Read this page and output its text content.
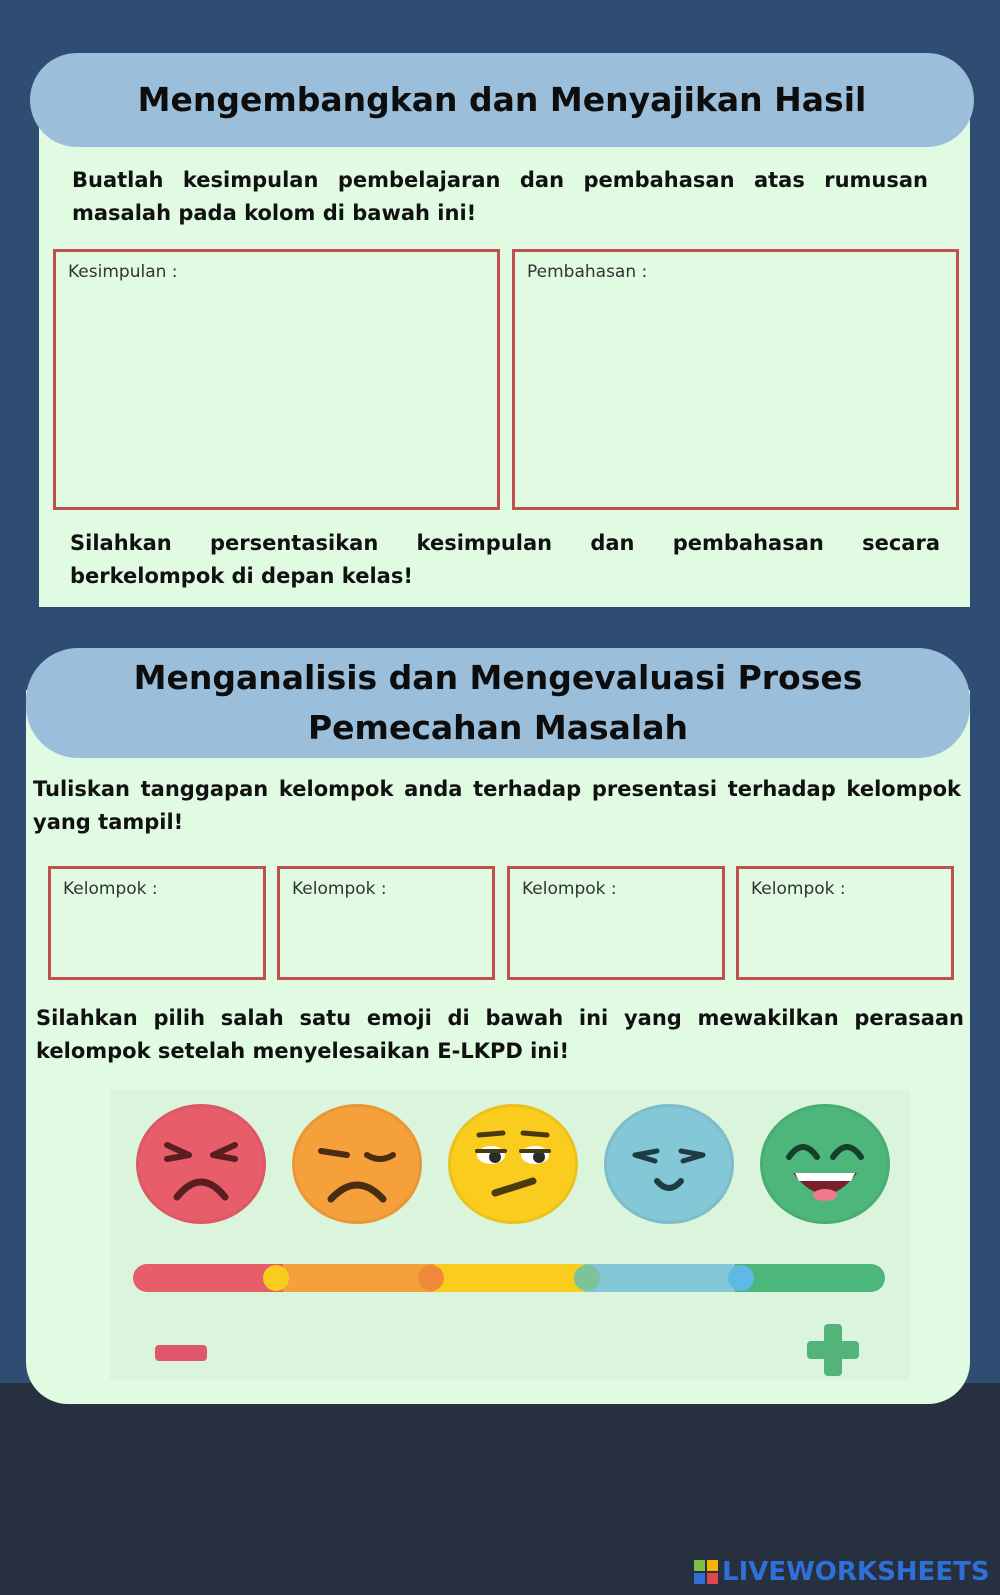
Mengembangkan dan Menyajikan Hasil
Buatlah kesimpulan pembelajaran dan pembahasan atas rumusan masalah pada kolom di bawah ini!
Kesimpulan :	Pembahasan :
Silahkan persentasikan kesimpulan dan pembahasan secara berkelompok di depan kelas!
Menganalisis dan Mengevaluasi Proses
Pemecahan Masalah
Tuliskan tanggapan kelompok anda terhadap presentasi terhadap kelompok yang tampil!
Kelompok :	Kelompok :	Kelompok :	Kelompok :
Silahkan pilih salah satu emoji di bawah ini yang mewakilkan perasaan kelompok setelah menyelesaikan E-LKPD ini!
LIVEWORKSHEETS
